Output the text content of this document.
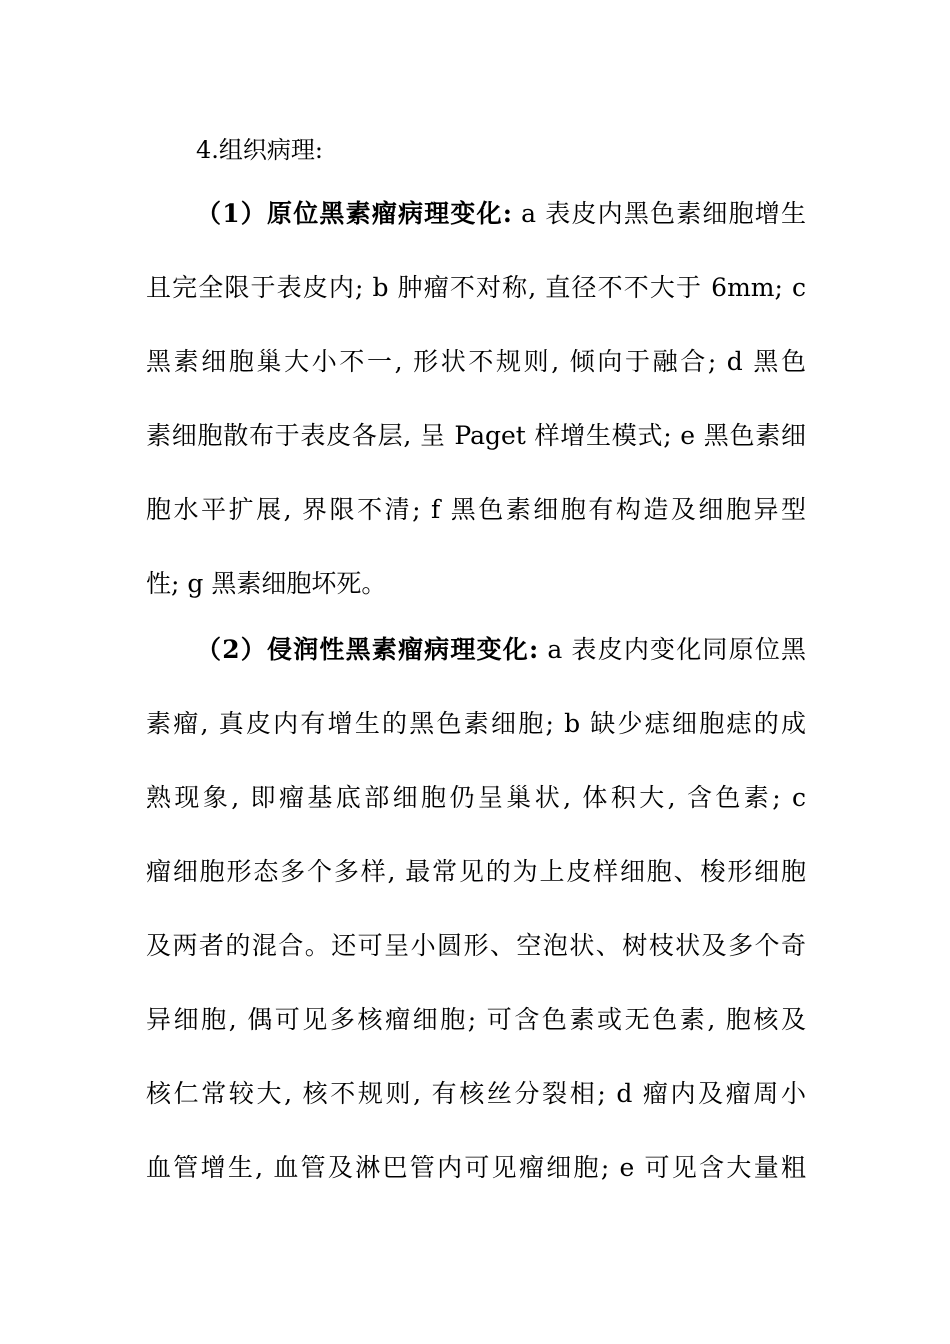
4.组织病理:
（1）原位黑素瘤病理变化: a 表皮内黑色素细胞增生
且完全限于表皮内; b 肿瘤不对称, 直径不不大于 6mm; c
黑素细胞巢大小不一, 形状不规则, 倾向于融合; d 黑色
素细胞散布于表皮各层, 呈 Paget 样增生模式; e 黑色素细
胞水平扩展, 界限不清; f 黑色素细胞有构造及细胞异型
性; g 黑素细胞坏死。
（2）侵润性黑素瘤病理变化: a 表皮内变化同原位黑
素瘤, 真皮内有增生的黑色素细胞; b 缺少痣细胞痣的成
熟现象, 即瘤基底部细胞仍呈巢状, 体积大, 含色素; c
瘤细胞形态多个多样, 最常见的为上皮样细胞、梭形细胞
及两者的混合。还可呈小圆形、空泡状、树枝状及多个奇
异细胞, 偶可见多核瘤细胞; 可含色素或无色素, 胞核及
核仁常较大, 核不规则, 有核丝分裂相; d 瘤内及瘤周小
血管增生, 血管及淋巴管内可见瘤细胞; e 可见含大量粗
